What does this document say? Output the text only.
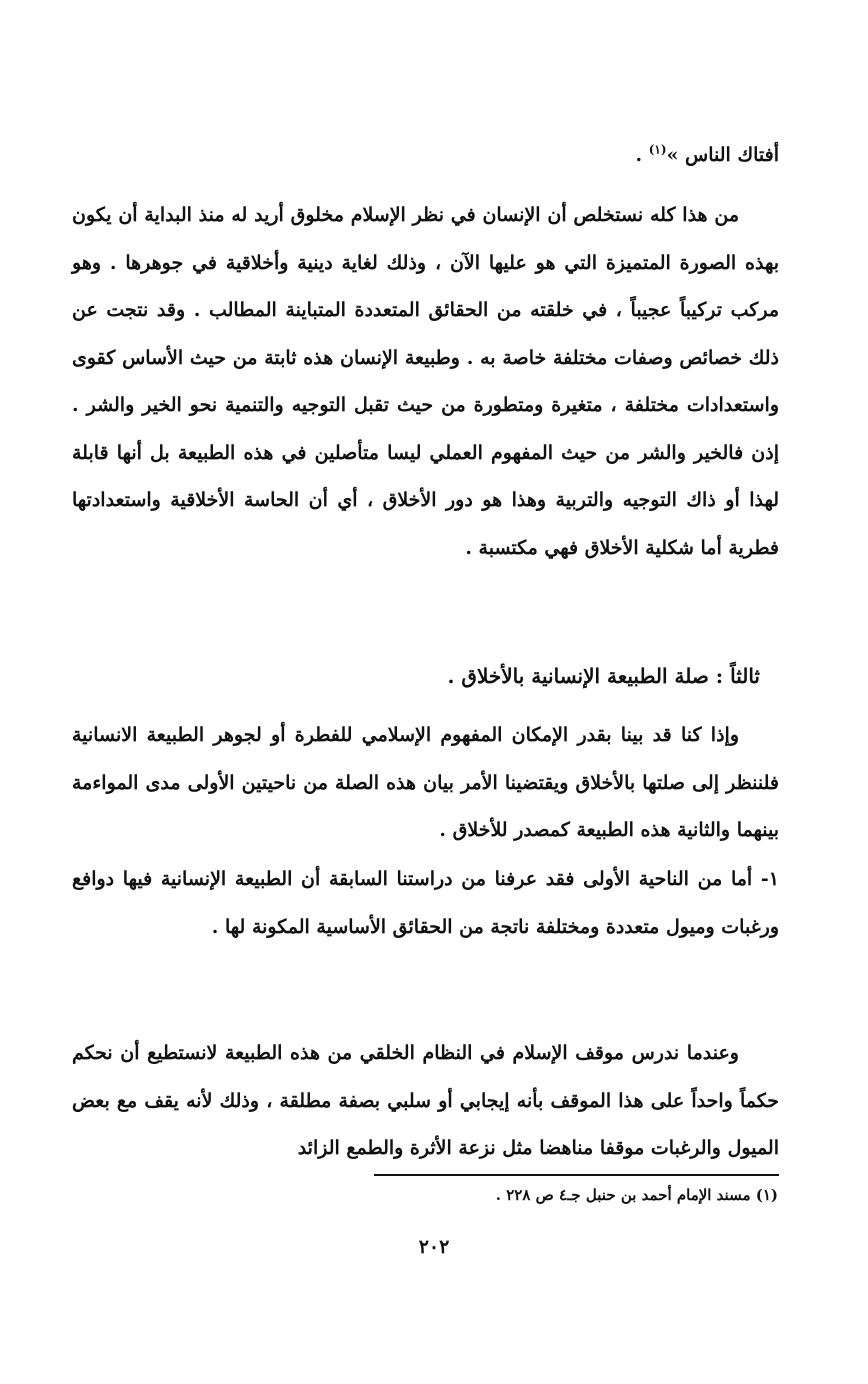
أفتاك الناس »$^{(١)}$ .

من هذا كله نستخلص أن الإنسان في نظر الإسلام مخلوق أريد له منذ البداية أن يكون بهذه الصورة المتميزة التي هو عليها الآن ، وذلك لغاية دينية وأخلاقية في جوهرها . وهو مركب تركيباً عجيباً ، في خلقته من الحقائق المتعددة المتباينة المطالب . وقد نتجت عن ذلك خصائص وصفات مختلفة خاصة به . وطبيعة الإنسان هذه ثابتة من حيث الأساس كقوى واستعدادات مختلفة ، متغيرة ومتطورة من حيث تقبل التوجيه والتنمية نحو الخير والشر . إذن فالخير والشر من حيث المفهوم العملي ليسا متأصلين في هذه الطبيعة بل أنها قابلة لهذا أو ذاك التوجيه والتربية وهذا هو دور الأخلاق ، أي أن الحاسة الأخلاقية واستعدادتها فطرية أما شكلية الأخلاق فهي مكتسبة .

ثالثاً : صلة الطبيعة الإنسانية بالأخلاق .

وإذا كنا قد بينا بقدر الإمكان المفهوم الإسلامي للفطرة أو لجوهر الطبيعة الانسانية فلننظر إلى صلتها بالأخلاق ويقتضينا الأمر بيان هذه الصلة من ناحيتين الأولى مدى المواءمة بينهما والثانية هذه الطبيعة كمصدر للأخلاق .

١- أما من الناحية الأولى فقد عرفنا من دراستنا السابقة أن الطبيعة الإنسانية فيها دوافع ورغبات وميول متعددة ومختلفة ناتجة من الحقائق الأساسية المكونة لها .

وعندما ندرس موقف الإسلام في النظام الخلقي من هذه الطبيعة لانستطيع أن نحكم حكماً واحداً على هذا الموقف بأنه إيجابي أو سلبي بصفة مطلقة ، وذلك لأنه يقف مع بعض الميول والرغبات موقفا مناهضا مثل نزعة الأثرة والطمع الزائد

(١) مسند الإمام أحمد بن حنبل جـ٤ ص ٢٢٨ .

٢٠٢
